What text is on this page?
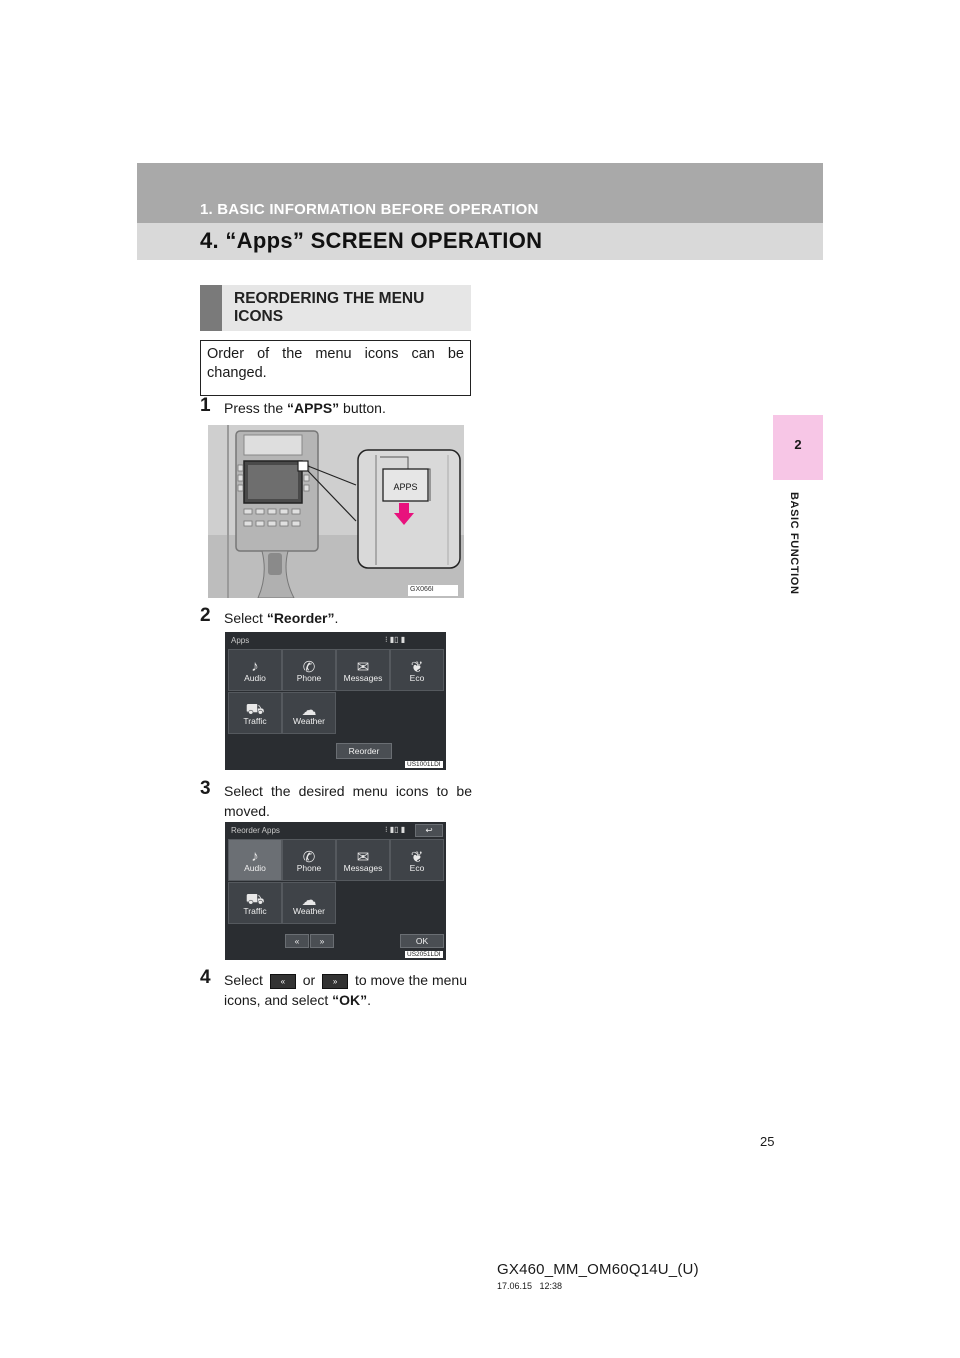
1. BASIC INFORMATION BEFORE OPERATION
4. “Apps” SCREEN OPERATION
2
BASIC FUNCTION
REORDERING THE MENU ICONS
Order of the menu icons can be changed.
1 Press the “APPS” button.
APPS
GX066I
2 Select “Reorder”.
Apps	⁝ ▮▯ ▮
♪
Audio
✆
Phone
✉
Messages
❦
Eco
⛟
Traffic
☁
Weather
Reorder
US1001LDI
3 Select the desired menu icons to be moved.
Reorder Apps	⁝ ▮▯ ▮	↩
♪
Audio
✆
Phone
✉
Messages
❦
Eco
⛟
Traffic
☁
Weather
«	»	OK
US2051LDI
4 Select « or » to move the menu icons, and select “OK”.
25
GX460_MM_OM60Q14U_(U)
17.06.15   12:38
